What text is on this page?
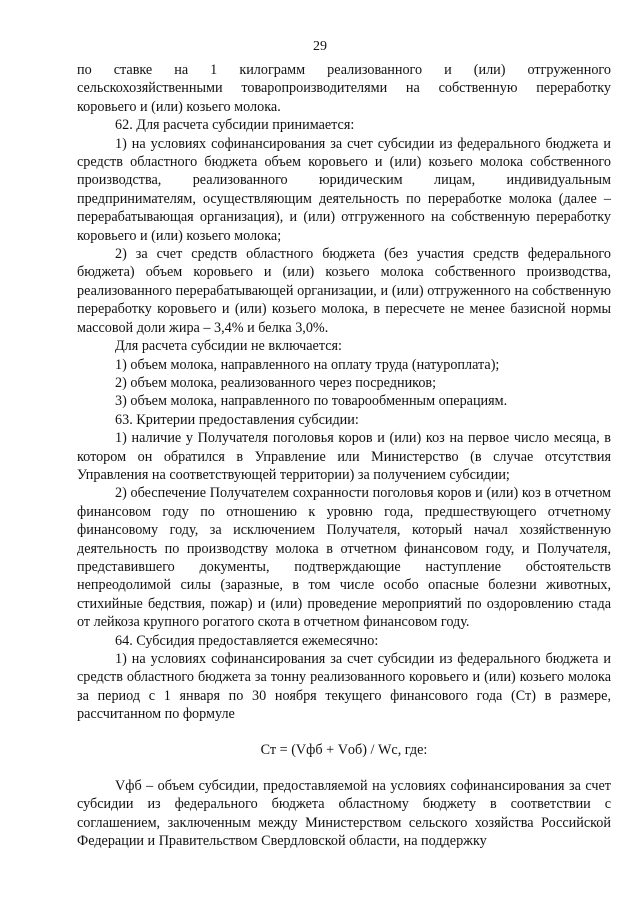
29

по ставке на 1 килограмм реализованного и (или) отгруженного сельскохозяйственными товаропроизводителями на собственную переработку коровьего и (или) козьего молока.

62. Для расчета субсидии принимается:

1) на условиях софинансирования за счет субсидии из федерального бюджета и средств областного бюджета объем коровьего и (или) козьего молока собственного производства, реализованного юридическим лицам, индивидуальным предпринимателям, осуществляющим деятельность по переработке молока (далее – перерабатывающая организация), и (или) отгруженного на собственную переработку коровьего и (или) козьего молока;

2) за счет средств областного бюджета (без участия средств федерального бюджета) объем коровьего и (или) козьего молока собственного производства, реализованного перерабатывающей организации, и (или) отгруженного на собственную переработку коровьего и (или) козьего молока, в пересчете не менее базисной нормы массовой доли жира – 3,4% и белка 3,0%.

Для расчета субсидии не включается:

1) объем молока, направленного на оплату труда (натуроплата);

2) объем молока, реализованного через посредников;

3) объем молока, направленного по товарообменным операциям.

63. Критерии предоставления субсидии:

1) наличие у Получателя поголовья коров и (или) коз на первое число месяца, в котором он обратился в Управление или Министерство (в случае отсутствия Управления на соответствующей территории) за получением субсидии;

2) обеспечение Получателем сохранности поголовья коров и (или) коз в отчетном финансовом году по отношению к уровню года, предшествующего отчетному финансовому году, за исключением Получателя, который начал хозяйственную деятельность по производству молока в отчетном финансовом году, и Получателя, представившего документы, подтверждающие наступление обстоятельств непреодолимой силы (заразные, в том числе особо опасные болезни животных, стихийные бедствия, пожар) и (или) проведение мероприятий по оздоровлению стада от лейкоза крупного рогатого скота в отчетном финансовом году.

64. Субсидия предоставляется ежемесячно:

1) на условиях софинансирования за счет субсидии из федерального бюджета и средств областного бюджета за тонну реализованного коровьего и (или) козьего молока за период с 1 января по 30 ноября текущего финансового года (Ст) в размере, рассчитанном по формуле

Ст = (Vфб + Vоб) / Wс, где:

Vфб – объем субсидии, предоставляемой на условиях софинансирования за счет субсидии из федерального бюджета областному бюджету в соответствии с соглашением, заключенным между Министерством сельского хозяйства Российской Федерации и Правительством Свердловской области, на поддержку
